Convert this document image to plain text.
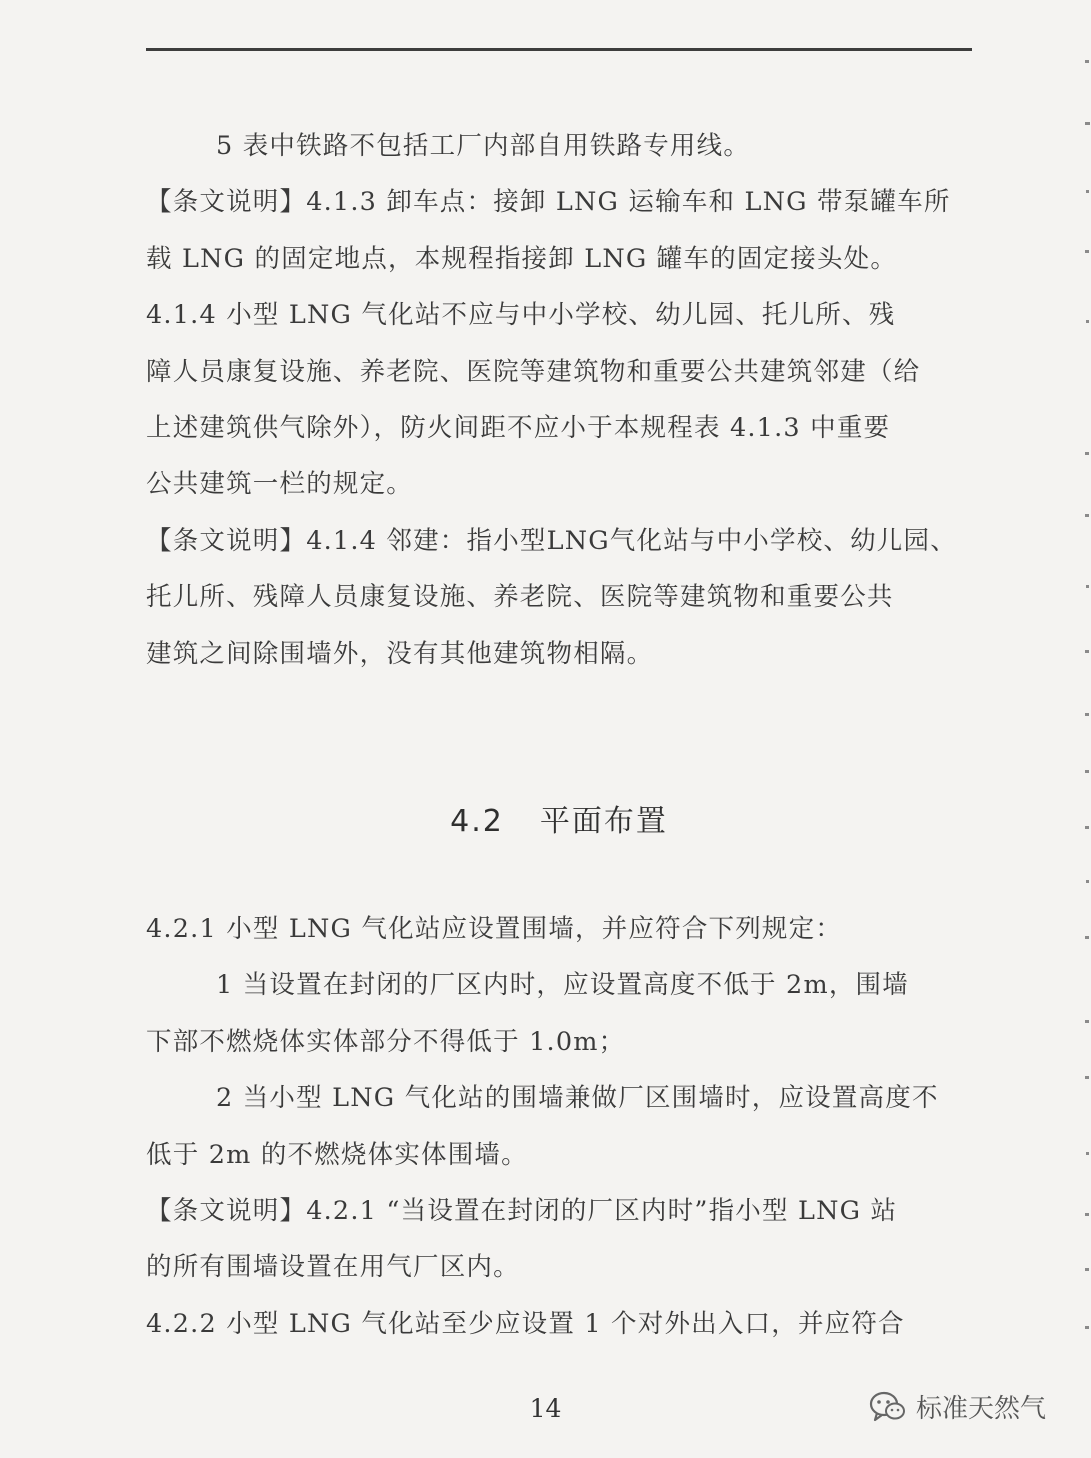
5 表中铁路不包括工厂内部自用铁路专用线。
【条文说明】4.1.3 卸车点：接卸 LNG 运输车和 LNG 带泵罐车所
载 LNG 的固定地点，本规程指接卸 LNG 罐车的固定接头处。
4.1.4 小型 LNG 气化站不应与中小学校、幼儿园、托儿所、残
障人员康复设施、养老院、医院等建筑物和重要公共建筑邻建（给
上述建筑供气除外），防火间距不应小于本规程表 4.1.3 中重要
公共建筑一栏的规定。
【条文说明】4.1.4 邻建：指小型LNG气化站与中小学校、幼儿园、
托儿所、残障人员康复设施、养老院、医院等建筑物和重要公共
建筑之间除围墙外，没有其他建筑物相隔。
4.2 平面布置
4.2.1 小型 LNG 气化站应设置围墙，并应符合下列规定：
1 当设置在封闭的厂区内时，应设置高度不低于 2m，围墙
下部不燃烧体实体部分不得低于 1.0m；
2 当小型 LNG 气化站的围墙兼做厂区围墙时，应设置高度不
低于 2m 的不燃烧体实体围墙。
【条文说明】4.2.1 “当设置在封闭的厂区内时”指小型 LNG 站
的所有围墙设置在用气厂区内。
4.2.2 小型 LNG 气化站至少应设置 1 个对外出入口，并应符合
14	标准天然气
